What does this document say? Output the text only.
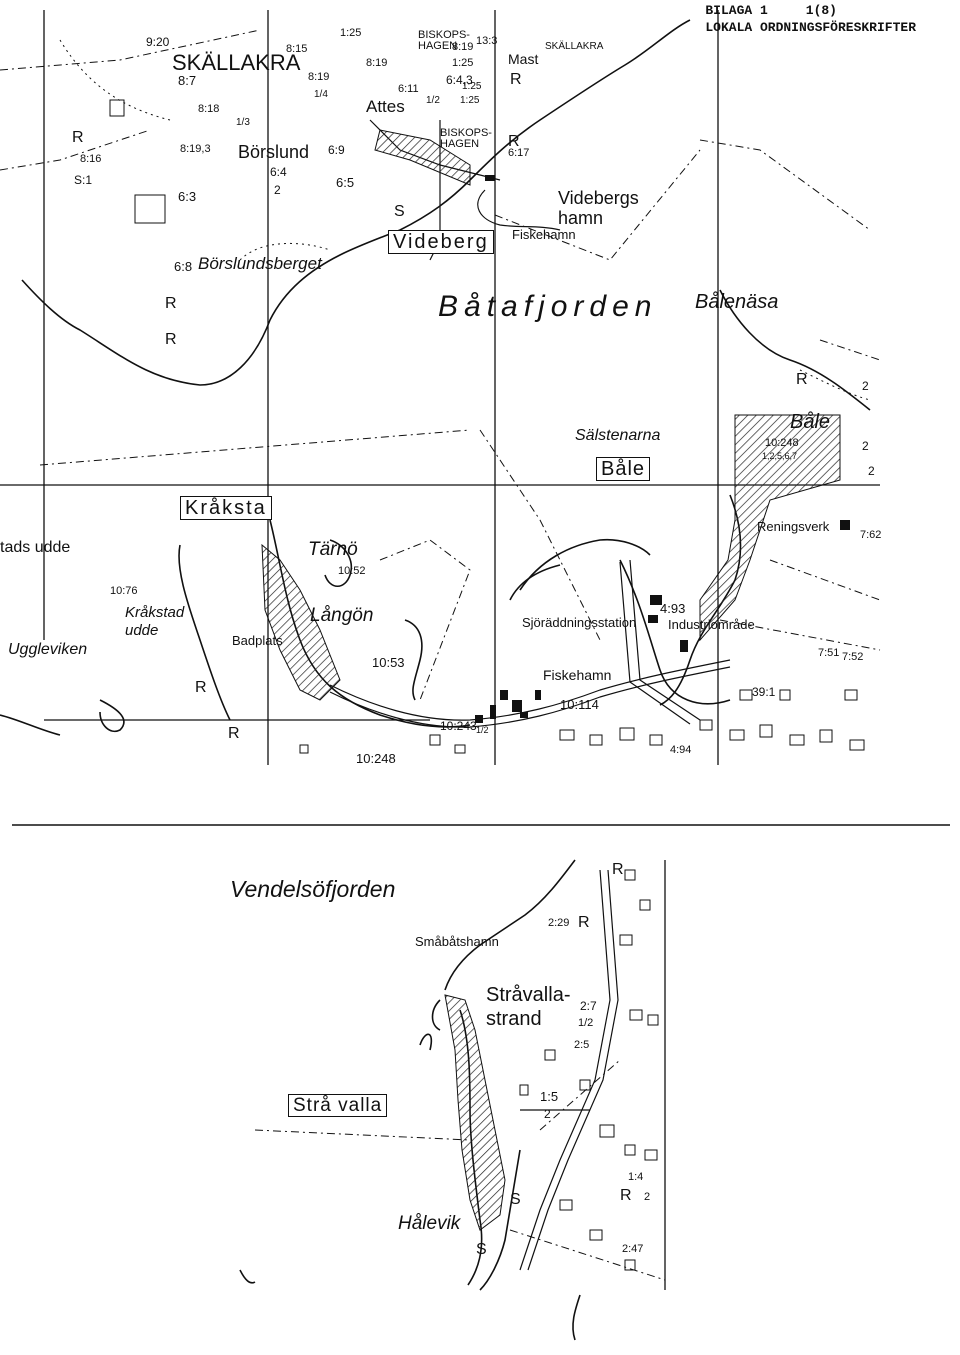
BILAGA 1	1(8)
LOKALA ORDNINGSFÖRESKRIFTER
SKÄLLAKRA
SKÄLLAKRA
Börslund
Börslundsberget
Attes
BISKOPS-HAGEN
BISKOPS-HAGEN
Mast
Videbergs hamn
Fiskehamn
Videberg
Båtafjorden Bålenäsa
Sälstenarna
Båle
Båle
Kråksta
tads udde
Kråkstad udde
Uggleviken
Tärnö
Långön
Badplats
Sjöräddningsstation
Fiskehamn
Industriområde
Reningsverk
9:20	8:15
8:7	8:19
8:19
8:18
1/3
8:19,3
8:16
S:1
6:3
6:8
6:4
2	6:5
6:9
1:25
6:11
1/2 1:25
6:4,3
1:25
13:3
8:19
6:17
10:248
1,2,5,6,7
10:76
10:52
10:53
10:243
10:248
10:114
4:93
4:94
7:62
7:51 7:52
39:1
2
2
2
1/4
1/2
1:25
R
R
R
R
R
R
R
R
S
Vendelsöfjorden
Småbåtshamn
Stråvalla-strand
Strå valla
Hålevik
2:29
2:7
1/2
2:5
1:5
2
1:4
2
2:47
R
R
R
S
S
